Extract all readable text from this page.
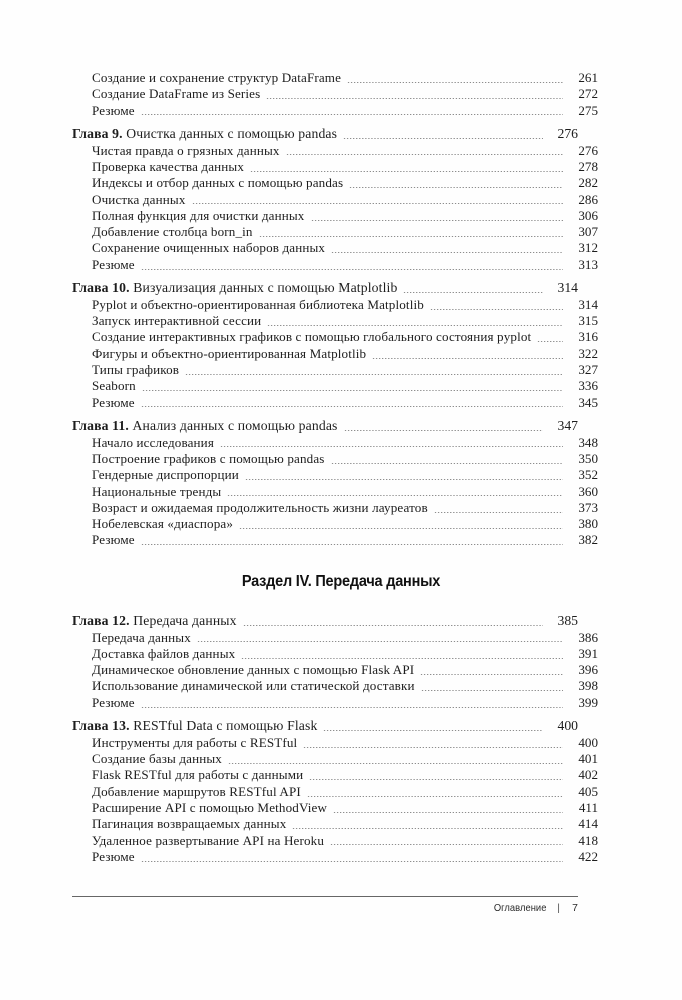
Создание и сохранение структур DataFrame	261
Создание DataFrame из Series	272
Резюме	275
Глава 9. Очистка данных с помощью pandas	276
Чистая правда о грязных данных	276
Проверка качества данных	278
Индексы и отбор данных с помощью pandas	282
Очистка данных	286
Полная функция для очистки данных	306
Добавление столбца born_in	307
Сохранение очищенных наборов данных	312
Резюме	313
Глава 10. Визуализация данных с помощью Matplotlib	314
Pyplot и объектно-ориентированная библиотека Matplotlib	314
Запуск интерактивной сессии	315
Создание интерактивных графиков с помощью глобального состояния pyplot	316
Фигуры и объектно-ориентированная Matplotlib	322
Типы графиков	327
Seaborn	336
Резюме	345
Глава 11. Анализ данных с помощью pandas	347
Начало исследования	348
Построение графиков с помощью pandas	350
Гендерные диспропорции	352
Национальные тренды	360
Возраст и ожидаемая продолжительность жизни лауреатов	373
Нобелевская «диаспора»	380
Резюме	382
Глава 12. Передача данных	385
Передача данных	386
Доставка файлов данных	391
Динамическое обновление данных с помощью Flask API	396
Использование динамической или статической доставки	398
Резюме	399
Глава 13. RESTful Data с помощью Flask	400
Инструменты для работы с RESTful	400
Создание базы данных	401
Flask RESTful для работы с данными	402
Добавление маршрутов RESTful API	405
Расширение API с помощью MethodView	411
Пагинация возвращаемых данных	414
Удаленное развертывание API на Heroku	418
Резюме	422
Раздел IV. Передача данных
Оглавление |	7
